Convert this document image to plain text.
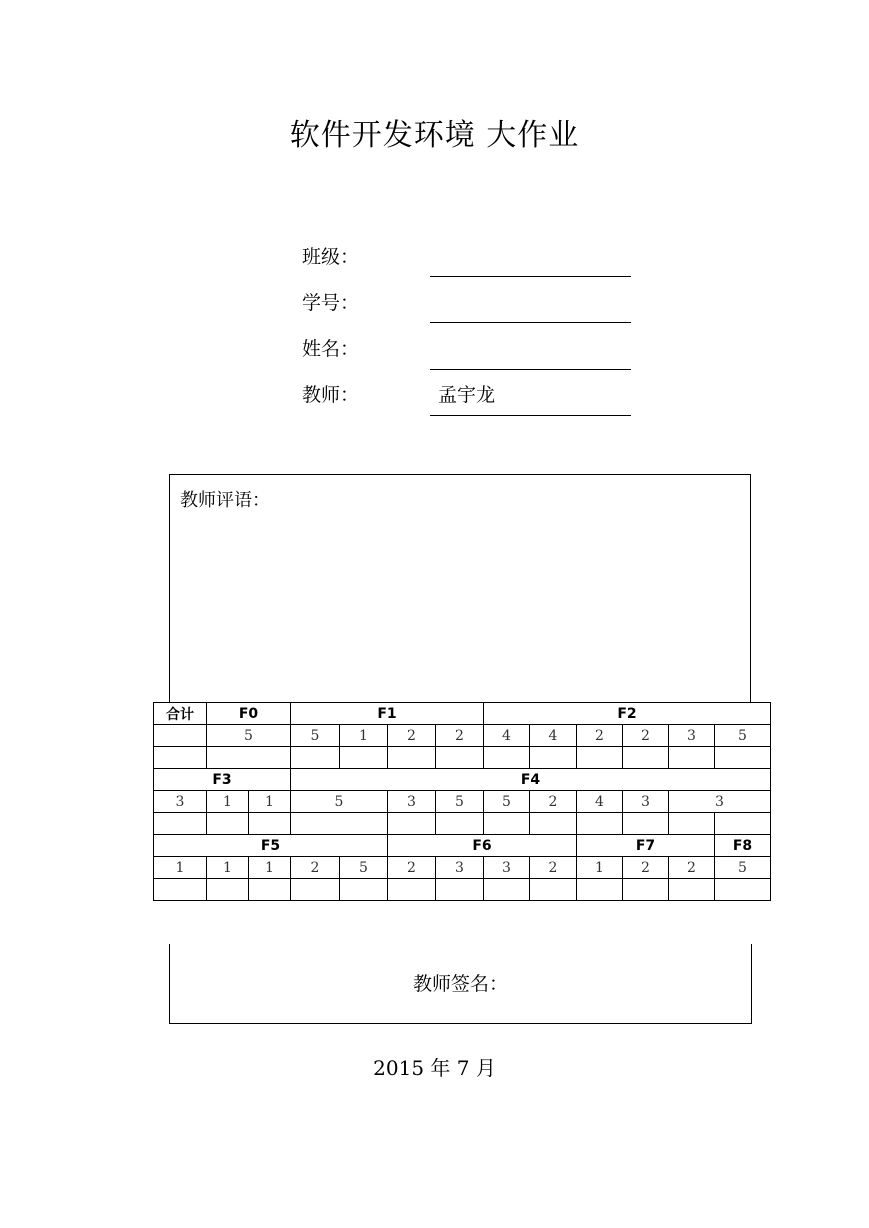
软件开发环境 大作业
班级：
学号：
姓名：
教师：	孟宇龙
教师评语：
合计	F0		F1				F2					
	5		5	1	2	2	4	4	2	2	3	5

F3			F4									
3	1	1	5		3	5	5	2	4	3	3	

F5					F6				F7			F8
1	1	1	2	5	2	3	3	2	1	2	2	5

教师签名：
2015 年 7 月
